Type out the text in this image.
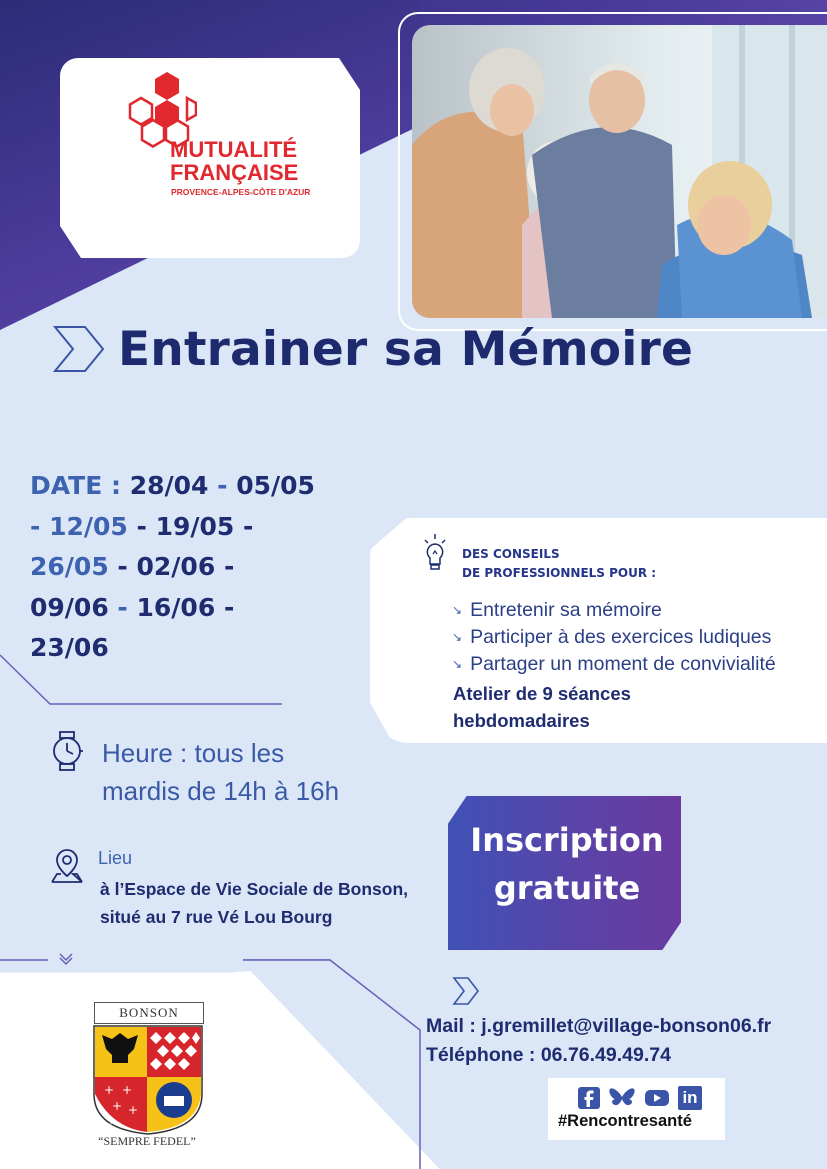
MUTUALITÉ
FRANÇAISE
PROVENCE-ALPES-CÔTE D'AZUR
Entrainer sa Mémoire
DATE : 28/04 - 05/05
- 12/05 - 19/05 -
26/05 - 02/06 -
09/06 - 16/06 -
23/06
DES CONSEILS
DE PROFESSIONNELS POUR :
↘ Entretenir sa mémoire
↘ Participer à des exercices ludiques
↘ Partager un moment de convivialité
Atelier de 9 séances
hebdomadaires
Heure : tous les
mardis de 14h à 16h
Lieu
à l’Espace de Vie Sociale de Bonson,
situé au 7 rue Vé Lou Bourg
Inscription
gratuite
BONSON
+ +
+ +
+
“SEMPRE FEDEL”
Mail : j.gremillet@village-bonson06.fr
Téléphone : 06.76.49.49.74
in
#Rencontresanté
